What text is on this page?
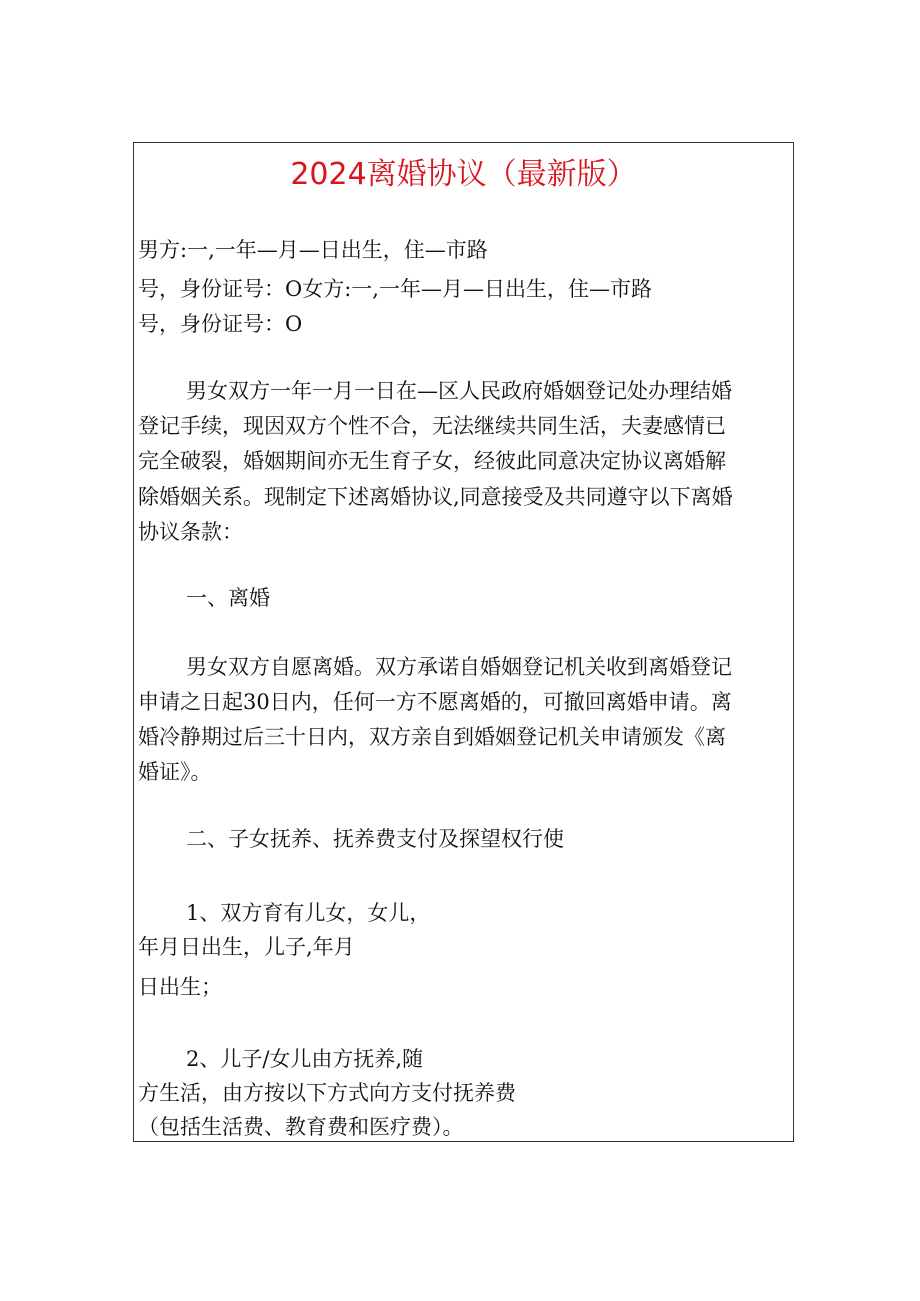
2024离婚协议（最新版）

男方:一,一年—月—日出生，住—市路

号，身份证号：O女方:一,一年—月—日出生，住—市路

号，身份证号：O

男女双方一年一月一日在—区人民政府婚姻登记处办理结婚

登记手续，现因双方个性不合，无法继续共同生活，夫妻感情已

完全破裂，婚姻期间亦无生育子女，经彼此同意决定协议离婚解

除婚姻关系。现制定下述离婚协议,同意接受及共同遵守以下离婚

协议条款：

一、离婚

男女双方自愿离婚。双方承诺自婚姻登记机关收到离婚登记

申请之日起30日内，任何一方不愿离婚的，可撤回离婚申请。离

婚冷静期过后三十日内，双方亲自到婚姻登记机关申请颁发《离

婚证》。

二、子女抚养、抚养费支付及探望权行使

1、双方育有儿女，女儿，

年月日出生，儿子,年月

日出生；

2、儿子/女儿由方抚养,随

方生活，由方按以下方式向方支付抚养费

（包括生活费、教育费和医疗费）。
